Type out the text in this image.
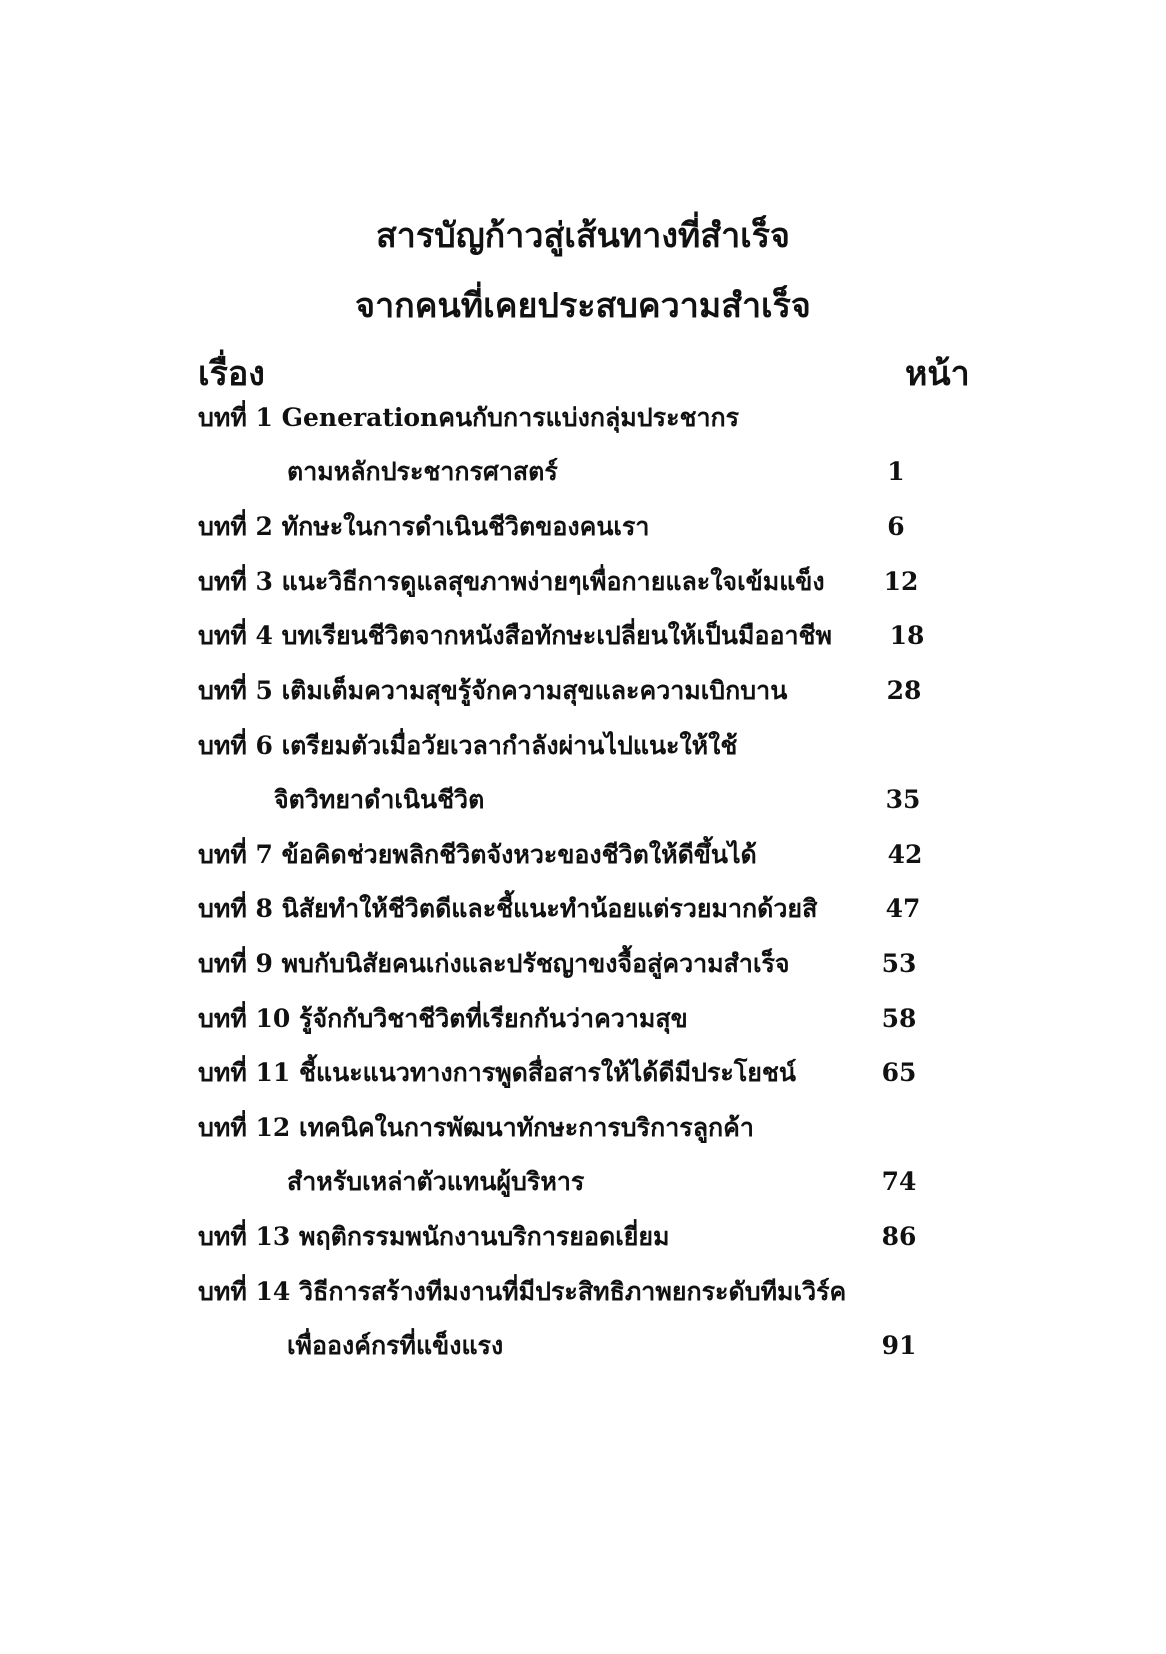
สารบัญก้าวสู่เส้นทางที่สำเร็จ
จากคนที่เคยประสบความสำเร็จ
เรื่อง	หน้า
บทที่ 1 Generationคนกับการแบ่งกลุ่มประชากร
ตามหลักประชากรศาสตร์	1
บทที่ 2 ทักษะในการดำเนินชีวิตของคนเรา	6
บทที่ 3 แนะวิธีการดูแลสุขภาพง่ายๆเพื่อกายและใจเข้มแข็ง	12
บทที่ 4 บทเรียนชีวิตจากหนังสือทักษะเปลี่ยนให้เป็นมืออาชีพ	18
บทที่ 5 เติมเต็มความสุขรู้จักความสุขและความเบิกบาน	28
บทที่ 6 เตรียมตัวเมื่อวัยเวลากำลังผ่านไปแนะให้ใช้
จิตวิทยาดำเนินชีวิต	35
บทที่ 7 ข้อคิดช่วยพลิกชีวิตจังหวะของชีวิตให้ดีขึ้นได้	42
บทที่ 8 นิสัยทำให้ชีวิตดีและชี้แนะทำน้อยแต่รวยมากด้วยสิ	47
บทที่ 9 พบกับนิสัยคนเก่งและปรัชญาขงจื้อสู่ความสำเร็จ	53
บทที่ 10 รู้จักกับวิชาชีวิตที่เรียกกันว่าความสุข	58
บทที่ 11 ชี้แนะแนวทางการพูดสื่อสารให้ได้ดีมีประโยชน์	65
บทที่ 12 เทคนิคในการพัฒนาทักษะการบริการลูกค้า
สำหรับเหล่าตัวแทนผู้บริหาร	74
บทที่ 13 พฤติกรรมพนักงานบริการยอดเยี่ยม	86
บทที่ 14 วิธีการสร้างทีมงานที่มีประสิทธิภาพยกระดับทีมเวิร์ค
เพื่อองค์กรที่แข็งแรง	91
